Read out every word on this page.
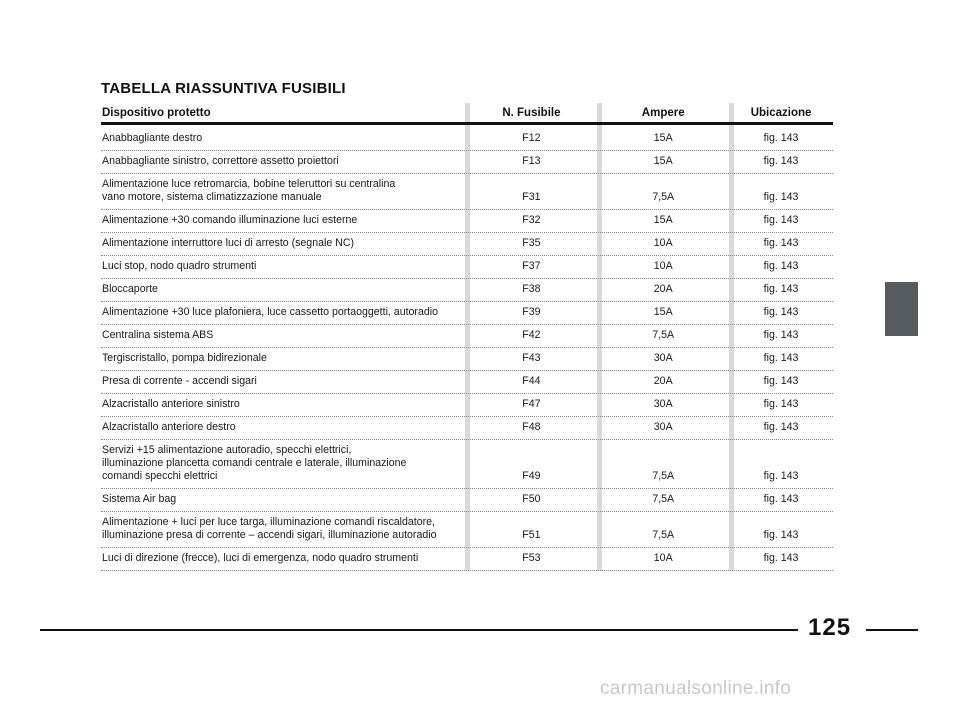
TABELLA RIASSUNTIVA FUSIBILI
Dispositivo protetto	N. Fusibile	Ampere	Ubicazione
Anabbagliante destro	F12	15A	fig. 143
Anabbagliante sinistro, correttore assetto proiettori	F13	15A	fig. 143
Alimentazione luce retromarcia, bobine teleruttori su centralina
vano motore, sistema climatizzazione manuale	F31	7,5A	fig. 143
Alimentazione +30 comando illuminazione luci esterne	F32	15A	fig. 143
Alimentazione interruttore luci di arresto (segnale NC)	F35	10A	fig. 143
Luci stop, nodo quadro strumenti	F37	10A	fig. 143
Bloccaporte	F38	20A	fig. 143
Alimentazione +30 luce plafoniera, luce cassetto portaoggetti, autoradio	F39	15A	fig. 143
Centralina sistema ABS	F42	7,5A	fig. 143
Tergiscristallo, pompa bidirezionale	F43	30A	fig. 143
Presa di corrente - accendi sigari	F44	20A	fig. 143
Alzacristallo anteriore sinistro	F47	30A	fig. 143
Alzacristallo anteriore destro	F48	30A	fig. 143
Servizi +15 alimentazione autoradio, specchi elettrici,
illuminazione plancetta comandi centrale e laterale, illuminazione
comandi specchi elettrici	F49	7,5A	fig. 143
Sistema Air bag	F50	7,5A	fig. 143
Alimentazione + luci per luce targa, illuminazione comandi riscaldatore,
illuminazione presa di corrente – accendi sigari, illuminazione autoradio	F51	7,5A	fig. 143
Luci di direzione (frecce), luci di emergenza, nodo quadro strumenti	F53	10A	fig. 143
125
carmanualsonline.info
